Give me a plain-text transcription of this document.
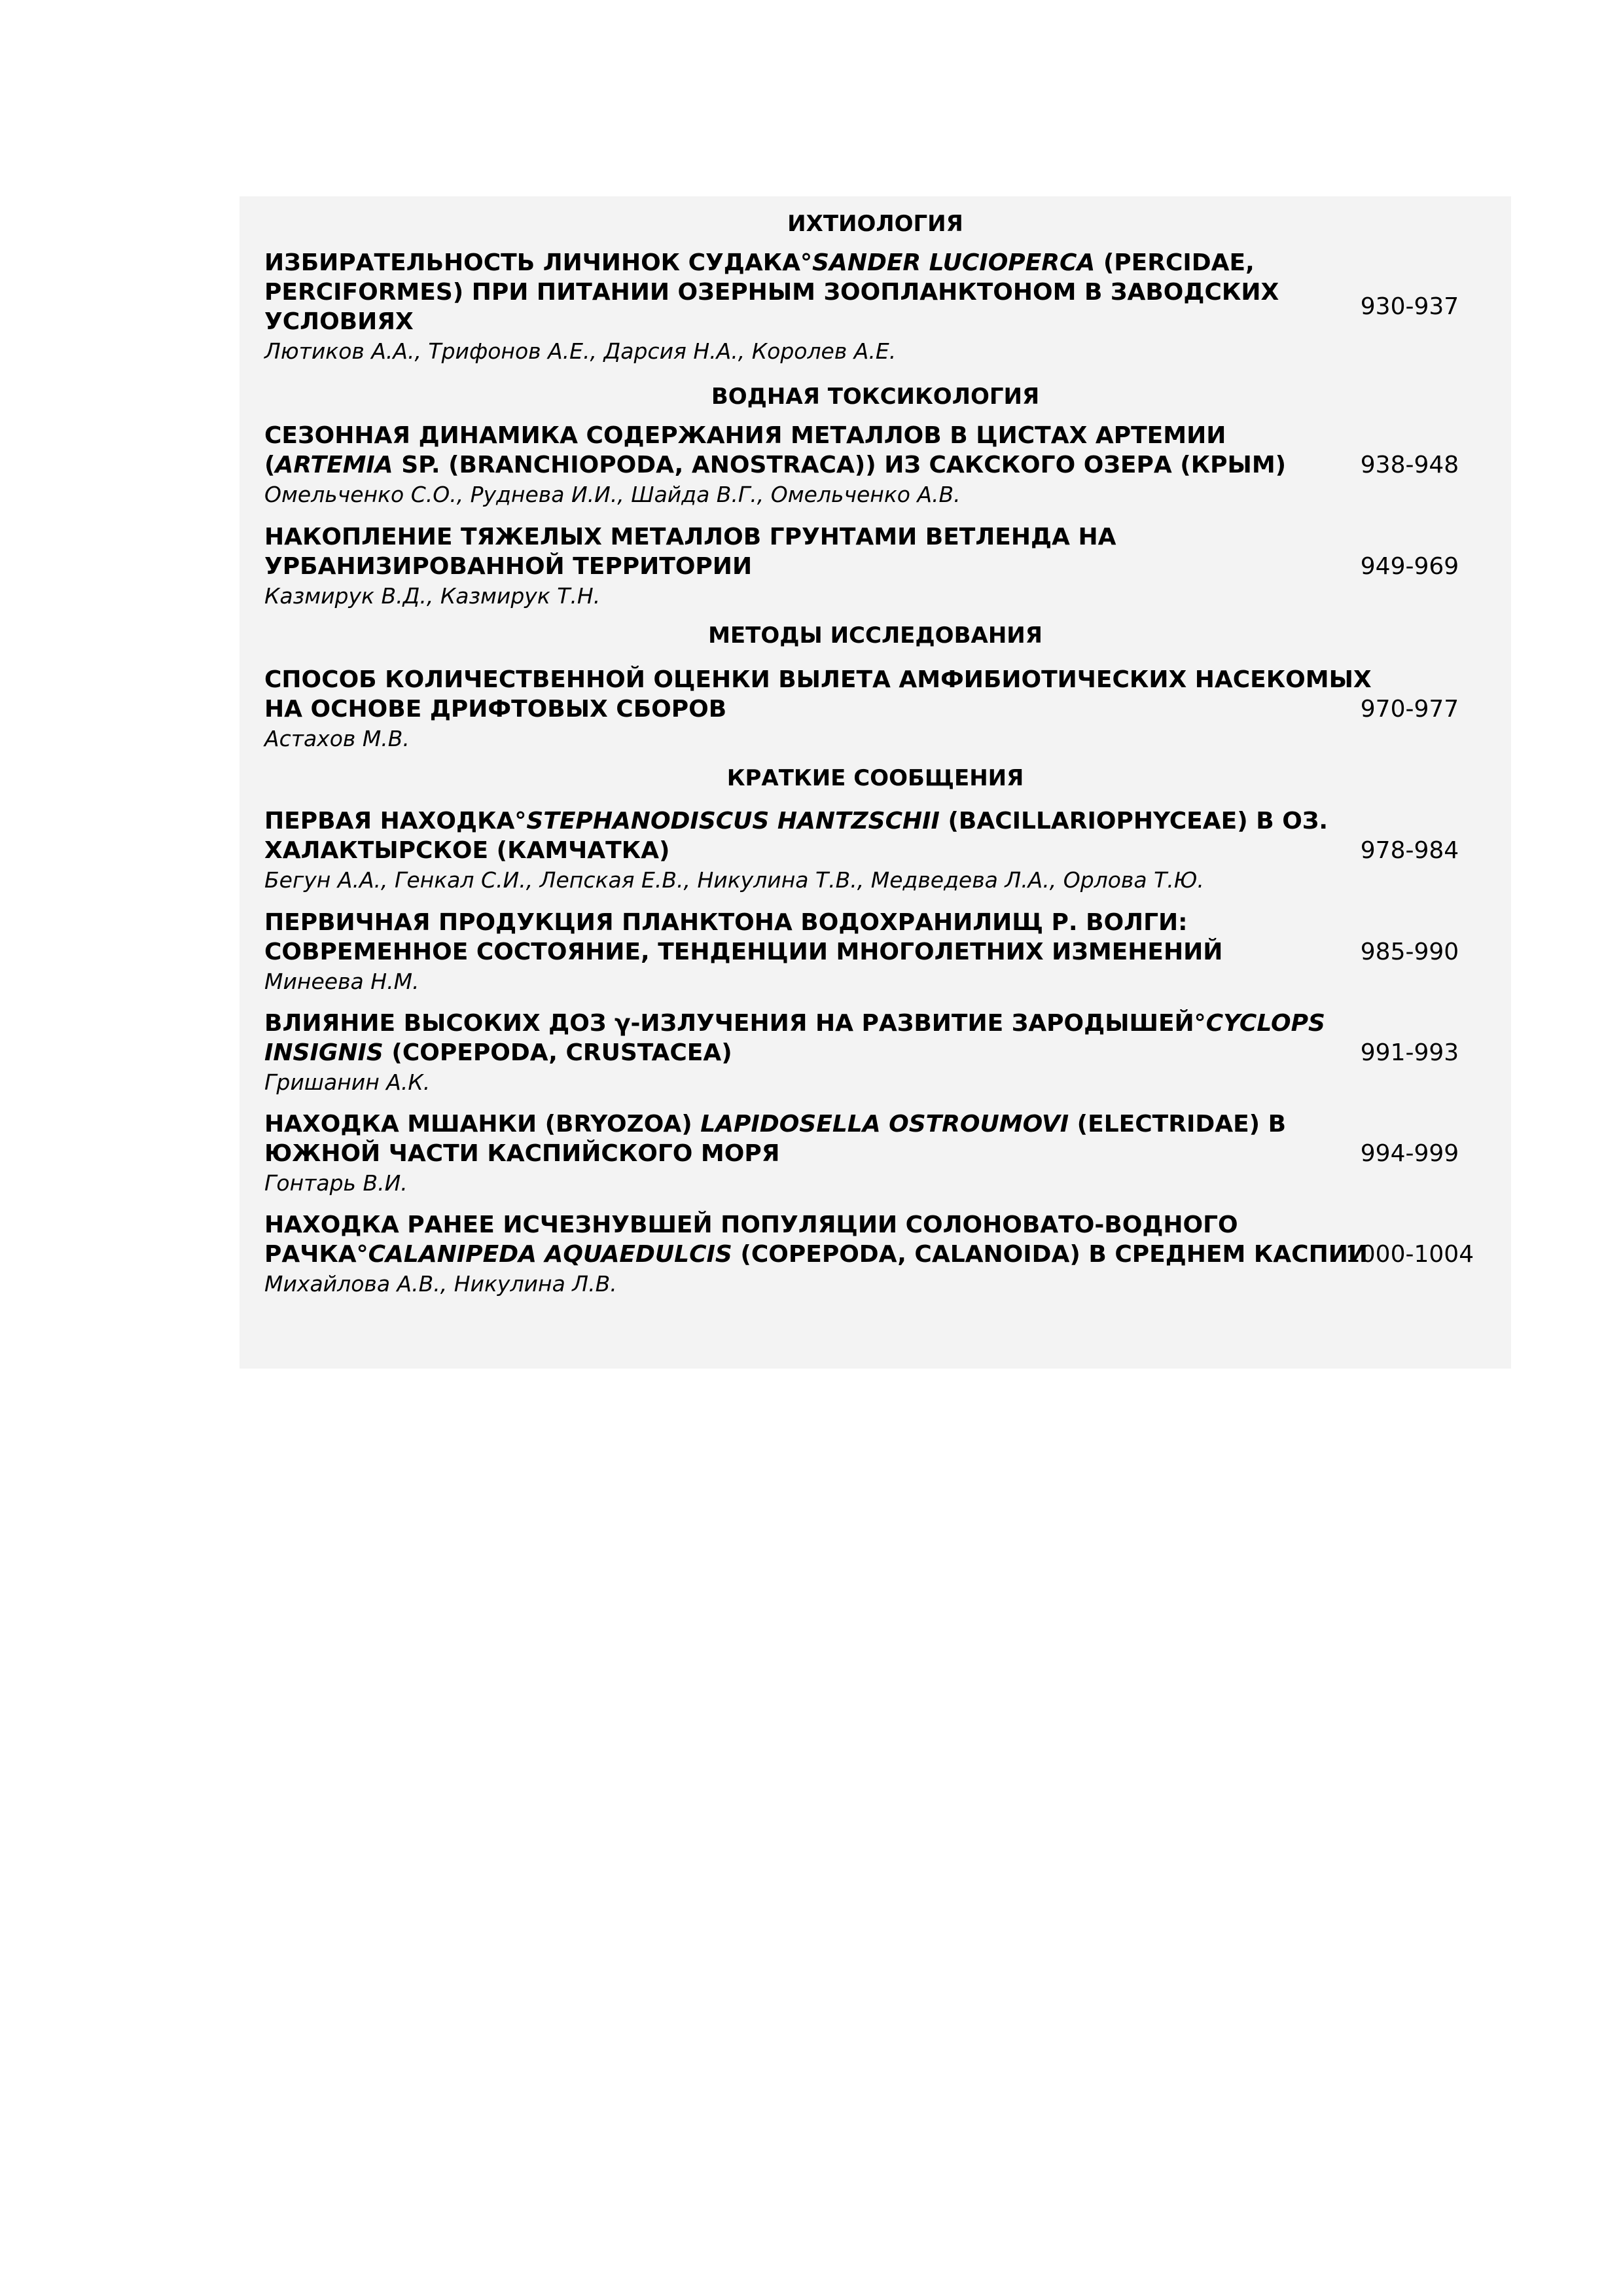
ИХТИОЛОГИЯ
ИЗБИРАТЕЛЬНОСТЬ ЛИЧИНОК СУДАКА°SANDER LUCIOPERCA (PERCIDAE,
PERCIFORMES) ПРИ ПИТАНИИ ОЗЕРНЫМ ЗООПЛАНКТОНОМ В ЗАВОДСКИХ
УСЛОВИЯХ
Лютиков А.А., Трифонов А.Е., Дарсия Н.А., Королев А.Е.
930-937
ВОДНАЯ ТОКСИКОЛОГИЯ
СЕЗОННАЯ ДИНАМИКА СОДЕРЖАНИЯ МЕТАЛЛОВ В ЦИСТАХ АРТЕМИИ
(ARTEMIA SP. (BRANCHIOPODA, ANOSTRACA)) ИЗ САКСКОГО ОЗЕРА (КРЫМ)
Омельченко С.О., Руднева И.И., Шайда В.Г., Омельченко А.В.
938-948
НАКОПЛЕНИЕ ТЯЖЕЛЫХ МЕТАЛЛОВ ГРУНТАМИ ВЕТЛЕНДА НА
УРБАНИЗИРОВАННОЙ ТЕРРИТОРИИ
Казмирук В.Д., Казмирук Т.Н.
949-969
МЕТОДЫ ИССЛЕДОВАНИЯ
СПОСОБ КОЛИЧЕСТВЕННОЙ ОЦЕНКИ ВЫЛЕТА АМФИБИОТИЧЕСКИХ НАСЕКОМЫХ
НА ОСНОВЕ ДРИФТОВЫХ СБОРОВ
Астахов М.В.
970-977
КРАТКИЕ СООБЩЕНИЯ
ПЕРВАЯ НАХОДКА°STEPHANODISCUS HANTZSCHII (BACILLARIOPHYCEAE) В ОЗ.
ХАЛАКТЫРСКОЕ (КАМЧАТКА)
Бегун А.А., Генкал С.И., Лепская Е.В., Никулина Т.В., Медведева Л.А., Орлова Т.Ю.
978-984
ПЕРВИЧНАЯ ПРОДУКЦИЯ ПЛАНКТОНА ВОДОХРАНИЛИЩ Р. ВОЛГИ:
СОВРЕМЕННОЕ СОСТОЯНИЕ, ТЕНДЕНЦИИ МНОГОЛЕТНИХ ИЗМЕНЕНИЙ
Минеева Н.М.
985-990
ВЛИЯНИЕ ВЫСОКИХ ДОЗ γ-ИЗЛУЧЕНИЯ НА РАЗВИТИЕ ЗАРОДЫШЕЙ°CYCLOPS
INSIGNIS (COPEPODA, CRUSTACEA)
Гришанин А.К.
991-993
НАХОДКА МШАНКИ (BRYOZOA) LAPIDOSELLA OSTROUMOVI (ELECTRIDAE) В
ЮЖНОЙ ЧАСТИ КАСПИЙСКОГО МОРЯ
Гонтарь В.И.
994-999
НАХОДКА РАНЕЕ ИСЧЕЗНУВШЕЙ ПОПУЛЯЦИИ СОЛОНОВАТО-ВОДНОГО
РАЧКА°CALANIPEDA AQUAEDULCIS (COPEPODA, CALANOIDA) В СРЕДНЕМ КАСПИИ
Михайлова А.В., Никулина Л.В.
1000-1004
